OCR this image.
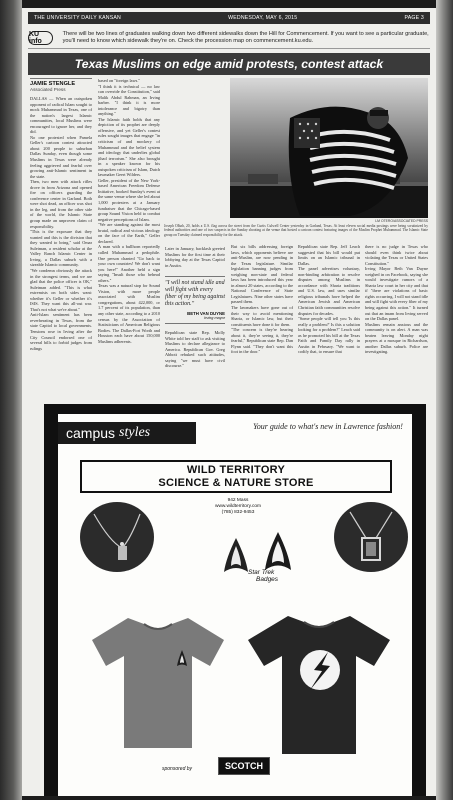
THE UNIVERSITY DAILY KANSAN	WEDNESDAY, MAY 6, 2015	PAGE 3
KU info
There will be two lines of graduates walking down two different sidewalks down the Hill for Commencement. If you want to see a particular graduate, you'll need to know which sidewalk they're on. Check the procession map on commencement.ku.edu.
Texas Muslims on edge amid protests, contest attack
JAMIE STENGLE
Associated Press
DALLAS — When an outspoken opponent of radical Islam sought to mock Muhammad in Texas, one of the nation's largest Islamic communities, local Muslims were encouraged to ignore her, and they did.
No one protested when Pamela Geller's cartoon contest attracted about 200 people to suburban Dallas Sunday, even though some Muslims in Texas were already feeling aggrieved and fearful over growing anti-Islamic sentiment in the state.
Then, two men with attack rifles drove in from Arizona and opened fire on officers guarding the conference center in Garland. Both were shot dead, an officer was shot in the leg, and from the other side of the world, the Islamic State group made an unproven claim of responsibility.
"This is the exposure that they wanted and this is the division that they wanted to bring," said Omar Suleiman, a resident scholar at the Valley Ranch Islamic Center in Irving, a Dallas suburb with a sizeable Islamic community.
"We condemn obviously the attack in the strongest terms, and we are glad that the police officer is OK," Suleiman added. "This is what extremists on both sides want: whether it's Geller or whether it's ISIS. They want this all-out war. That's not what we're about."
Anti-Islam sentiment has been reverberating in Texas, from the state Capitol to local governments. Tensions rose in Irving after the City Council endorsed one of several bills to forbid judges from rulings
based on "foreign laws."
"I think it is technical — no law can override the Constitution," said Malik Abdul Rahman, an Irving barber. "I think it is more intolerance and bigotry than anything."
The Islamic faith holds that any depiction of its prophet are deeply offensive, and yet Geller's contest rules sought images that engage "in criticism of and mockery of Muhammad and the belief system and ideology that underlies global jihad terrorism." She also brought in a speaker known for his outspoken criticism of Islam, Dutch lawmaker Geert Wilders.
Geller, president of the New York-based American Freedom Defense Initiative, booked Sunday's event at the same venue where she led about 1,000 protesters at a January fundraiser that the Chicago-based group Sound Vision held to combat negative perceptions of Islam.
"We are standing against the most brutal, radical and vicious ideology on the face of the Earth," Geller declared.
A man with a bullhorn reportedly called Muhammad a pedophile. One person chanted "Go back to your own countries! We don't want you here!" Another held a sign saying "Insult those who behead others."
Texas was a natural stop for Sound Vision, with more people associated with Muslim congregations, about 422,000, or 1.7 percent of its population, than any other state, according to a 2010 census by the Association of Statisticians of American Religious Bodies. The Dallas-Fort Worth and Houston each have about 150,000 Muslims adherents.
LM OTERO/ASSOCIATED PRESS
Joseph Olbah, 20, holds a U.S. flag across the street from the Curtis Culwell Center yesterday in Garland, Texas. At least eleven social media postings were being scrutinized by federal authorities and one of two suspects in the Sunday shooting at the venue that hosted a cartoon contest featuring images of the Muslim Prophet Muhammad. The Islamic State group on Tuesday claimed responsibility for the attack.
Later in January, backlash greeted Muslims for the first time at their lobbying day at the Texas Capitol in Austin.
"I will not stand idle and will fight with every fiber of my being against this action."
BETH VAN DUYNE
Irving mayor
Republican state Rep. Molly White told her staff to ask visiting Muslims to declare allegiance to America. Republican Gov. Greg Abbott rebuked such attitudes, saying "we must have civil discourse."
But six bills addressing foreign laws, which opponents believe are anti-Muslim, are now pending in the Texas legislature. Similar legislation banning judges from weighing non-state and federal laws has been introduced this year in almost 20 states, according to the National Conference of State Legislatures. Nine other states have passed them.
The lawmakers have gone out of their way to avoid mentioning Sharia, or Islamic law, but their constituents have done it for them.
"The concern is they're hearing about it, they're seeing it, they're fearful," Republican state Rep. Dan Flynn said. "They don't want this foot in the door."
Republican state Rep. Jeff Leach suggested that his bill would put limits on an Islamic tribunal in Dallas.
The panel advertises voluntary, non-binding arbitration to resolve disputes among Muslims in accordance with Sharia traditions and U.S. law, and uses similar religious tribunals have helped the American Jewish and American Christian faith communities resolve disputes for decades.
"Some people will tell you 'Is this really a problem?' Is this a solution looking for a problem?" Leach said as he promoted his bill at the Texas Faith and Family Day rally in Austin in February. "We want to codify that, to ensure that
there is no judge in Texas who should even think twice about violating the Texas or United States Constitution."
Irving Mayor Beth Van Duyne weighed in on Facebook, saying she would investigate rumors of a Sharia law court in her city and that if "there are violations of basic rights occurring, I will not stand idle and will fight with every fiber of my being against this action." It turned out that an imam from Irving served on the Dallas panel.
Muslims remain anxious and the community is on alert. A man was beaten leaving Monday night prayers at a mosque in Richardson, another Dallas suburb. Police are investigating.
campus styles	Your guide to what's new in Lawrence fashion!
WILD TERRITORY
SCIENCE & NATURE STORE
942 Mass
www.wildterritory.com
(785) 832-9453
Star Trek
Badges
sponsored by	SCOTCH
